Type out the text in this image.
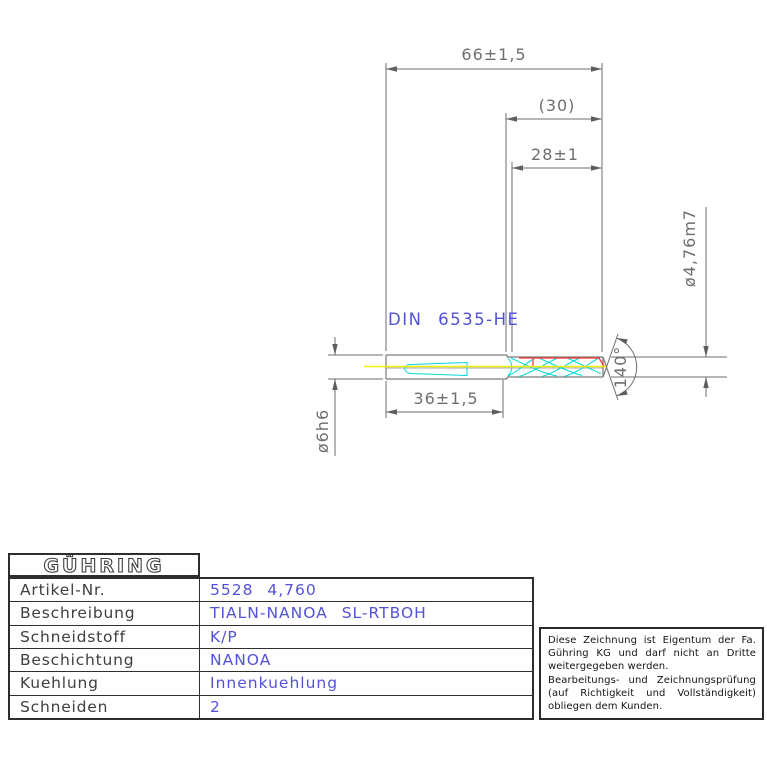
66±1,5
(30)
28±1
36±1,5
ø6h6
ø4,76m7
140°
DIN 6535-HE
GÜHRING
Artikel-Nr.	5528 4,760
Beschreibung	TIALN-NANOA SL-RTBOH
Schneidstoff	K/P
Beschichtung	NANOA
Kuehlung	Innenkuehlung
Schneiden	2
Diese Zeichnung ist Eigentum der Fa.
Gühring KG und darf nicht an Dritte
weitergegeben werden.
Bearbeitungs- und Zeichnungsprüfung
(auf Richtigkeit und Vollständigkeit)
obliegen dem Kunden.
